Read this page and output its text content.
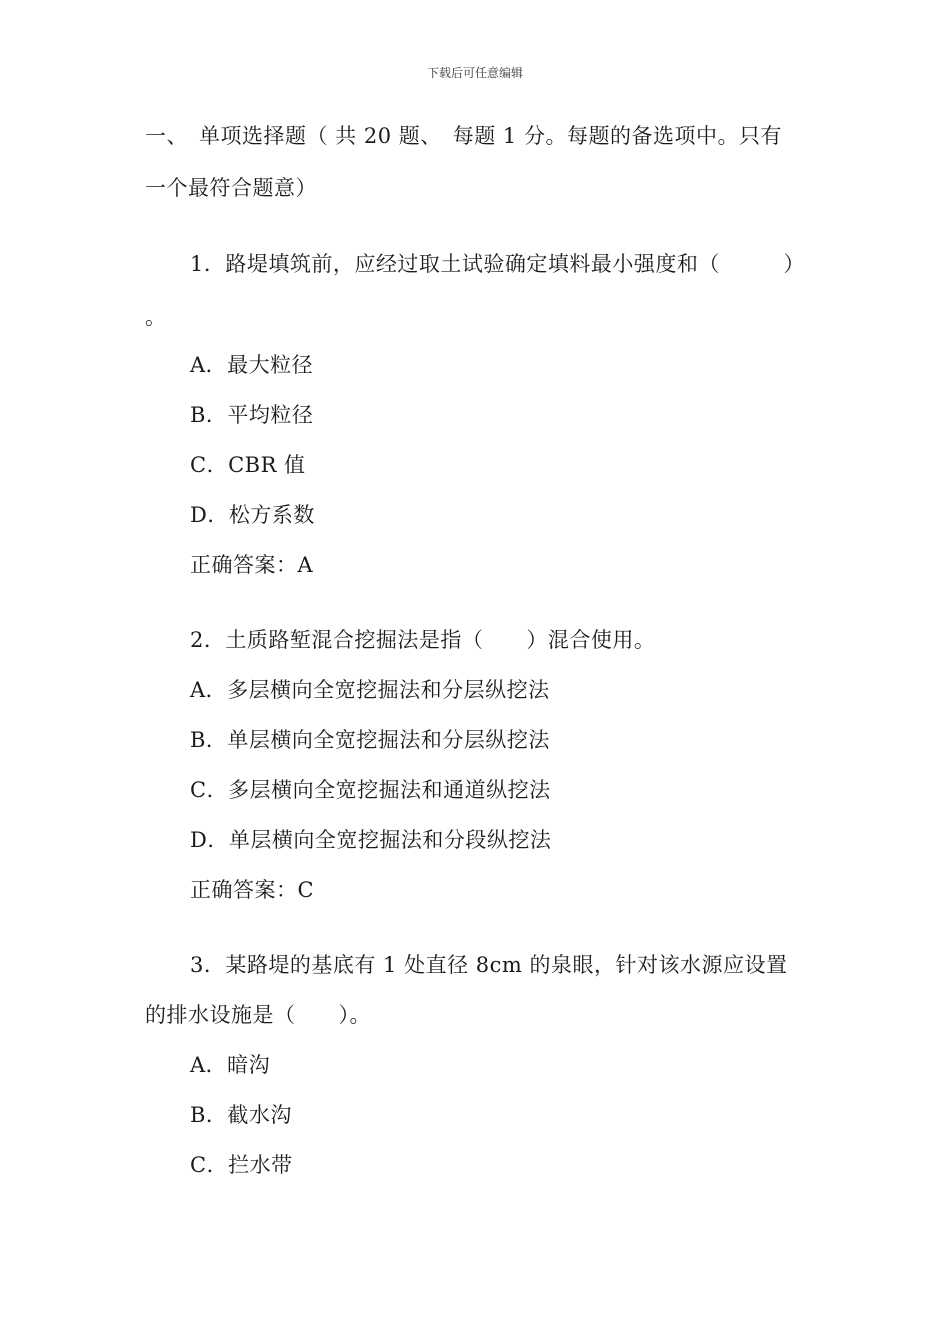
下载后可任意编辑
一、　单项选择题（ 共 20 题、　每题 1 分。每题的备选项中。只有
一个最符合题意）
1．路堤填筑前，应经过取土试验确定填料最小强度和（	）
。
A．最大粒径
B．平均粒径
C．CBR 值
D．松方系数
正确答案：A
2．土质路堑混合挖掘法是指（　　）混合使用。
A．多层横向全宽挖掘法和分层纵挖法
B．单层横向全宽挖掘法和分层纵挖法
C．多层横向全宽挖掘法和通道纵挖法
D．单层横向全宽挖掘法和分段纵挖法
正确答案：C
3．某路堤的基底有 1 处直径 8cm 的泉眼，针对该水源应设置
的排水设施是（　　）。
A．暗沟
B．截水沟
C．拦水带
